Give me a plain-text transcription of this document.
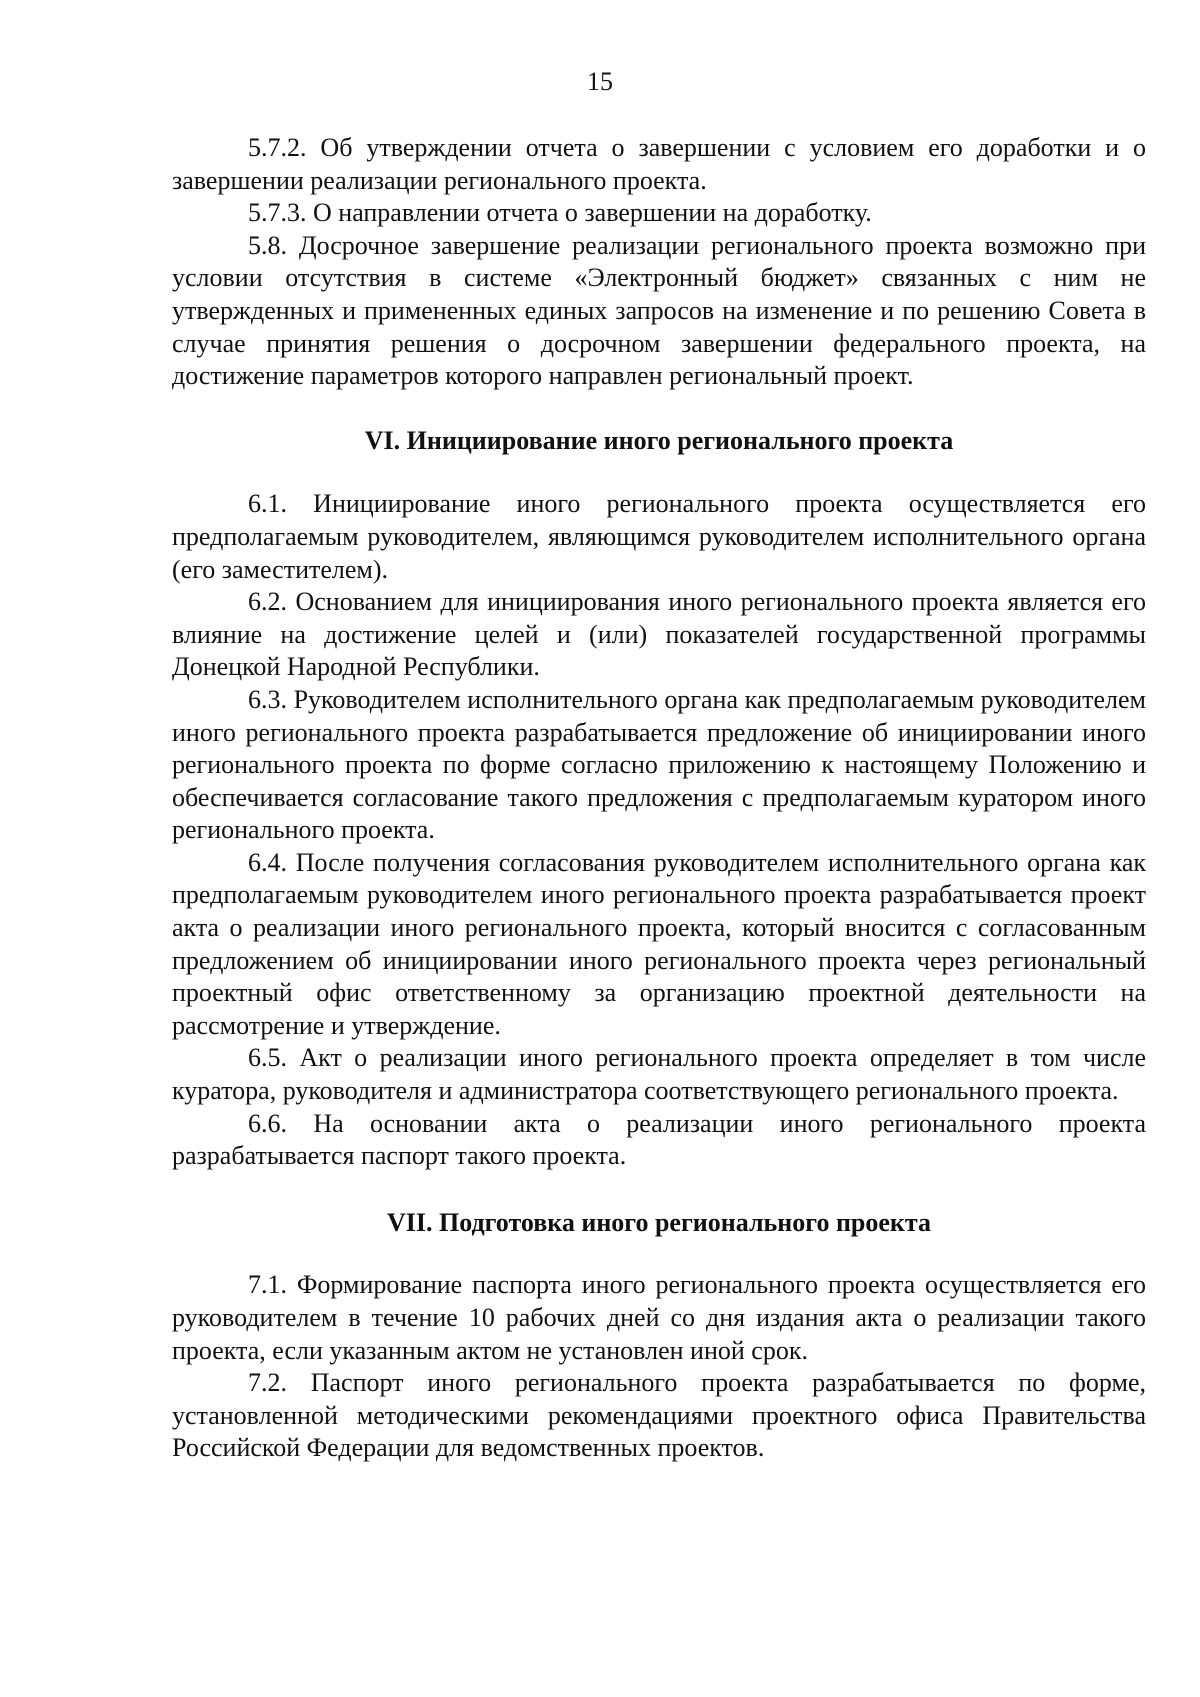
15

5.7.2. Об утверждении отчета о завершении с условием его доработки и о завершении реализации регионального проекта.

5.7.3. О направлении отчета о завершении на доработку.

5.8. Досрочное завершение реализации регионального проекта возможно при условии отсутствия в системе «Электронный бюджет» связанных с ним не утвержденных и примененных единых запросов на изменение и по решению Совета в случае принятия решения о досрочном завершении федерального проекта, на достижение параметров которого направлен региональный проект.

VI. Инициирование иного регионального проекта

6.1. Инициирование иного регионального проекта осуществляется его предполагаемым руководителем, являющимся руководителем исполнительного органа (его заместителем).

6.2. Основанием для инициирования иного регионального проекта является его влияние на достижение целей и (или) показателей государственной программы Донецкой Народной Республики.

6.3. Руководителем исполнительного органа как предполагаемым руководителем иного регионального проекта разрабатывается предложение об инициировании иного регионального проекта по форме согласно приложению к настоящему Положению и обеспечивается согласование такого предложения с предполагаемым куратором иного регионального проекта.

6.4. После получения согласования руководителем исполнительного органа как предполагаемым руководителем иного регионального проекта разрабатывается проект акта о реализации иного регионального проекта, который вносится с согласованным предложением об инициировании иного регионального проекта через региональный проектный офис ответственному за организацию проектной деятельности на рассмотрение и утверждение.

6.5. Акт о реализации иного регионального проекта определяет в том числе куратора, руководителя и администратора соответствующего регионального проекта.

6.6. На основании акта о реализации иного регионального проекта разрабатывается паспорт такого проекта.

VII. Подготовка иного регионального проекта

7.1. Формирование паспорта иного регионального проекта осуществляется его руководителем в течение 10 рабочих дней со дня издания акта о реализации такого проекта, если указанным актом не установлен иной срок.

7.2. Паспорт иного регионального проекта разрабатывается по форме, установленной методическими рекомендациями проектного офиса Правительства Российской Федерации для ведомственных проектов.
